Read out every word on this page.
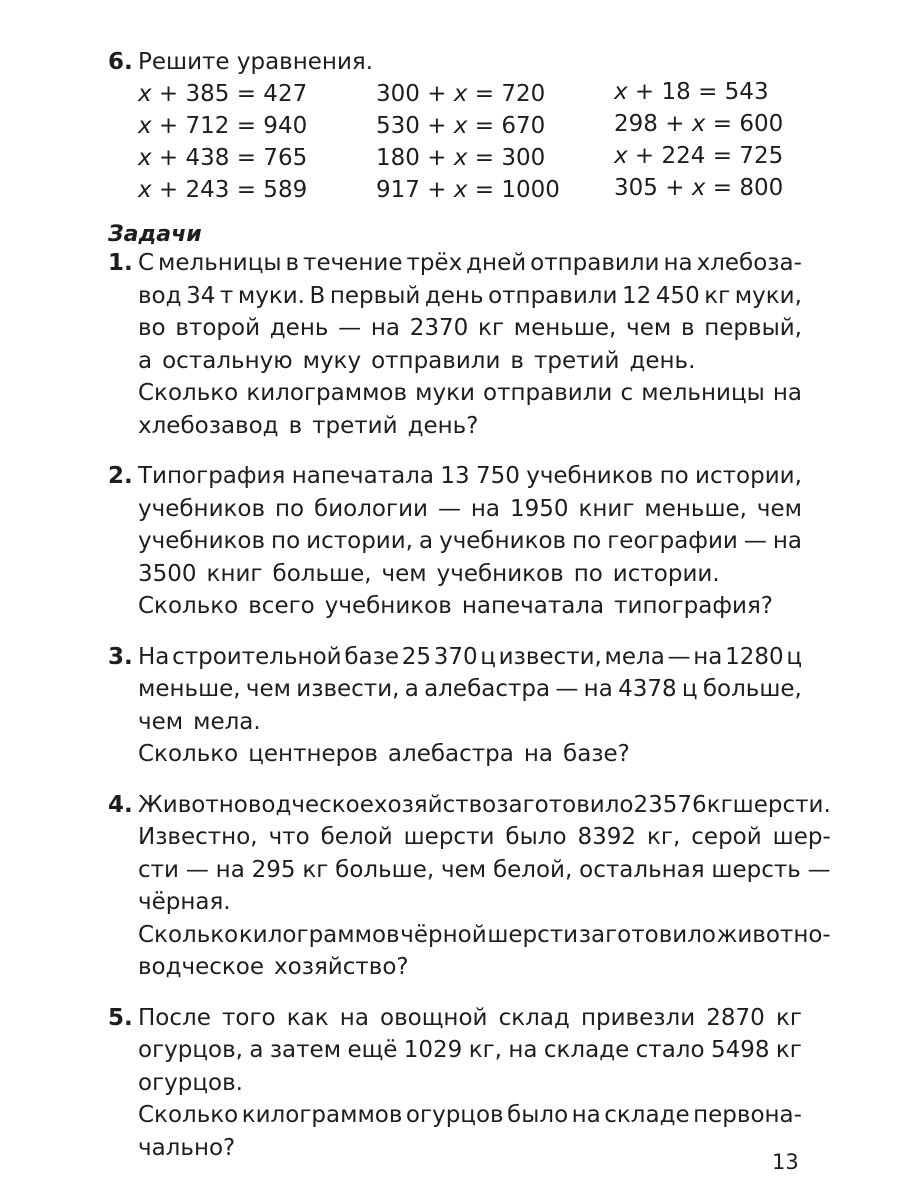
6. Решите уравнения.
x + 385 = 427
x + 712 = 940
x + 438 = 765
x + 243 = 589
300 + x = 720
530 + x = 670
180 + x = 300
917 + x = 1000
x + 18 = 543
298 + x = 600
x + 224 = 725
305 + x = 800
Задачи
1. С мельницы в течение трёх дней отправили на хлебоза-
вод 34 т муки. В первый день отправили 12 450 кг муки,
во второй день — на 2370 кг меньше, чем в первый,
а остальную муку отправили в третий день.
Сколько килограммов муки отправили с мельницы на
хлебозавод в третий день?
2. Типография напечатала 13 750 учебников по истории,
учебников по биологии — на 1950 книг меньше, чем
учебников по истории, а учебников по географии — на
3500 книг больше, чем учебников по истории.
Сколько всего учебников напечатала типография?
3. На строительной базе 25 370 ц извести, мела — на 1280 ц
меньше, чем извести, а алебастра — на 4378 ц больше,
чем мела.
Сколько центнеров алебастра на базе?
4. Животноводческое хозяйство заготовило 23 576 кг шерсти.
Известно, что белой шерсти было 8392 кг, серой шер-
сти — на 295 кг больше, чем белой, остальная шерсть —
чёрная.
Сколько килограммов чёрной шерсти заготовило животно-
водческое хозяйство?
5. После того как на овощной склад привезли 2870 кг
огурцов, а затем ещё 1029 кг, на складе стало 5498 кг
огурцов.
Сколько килограммов огурцов было на складе первона-
чально?
13
